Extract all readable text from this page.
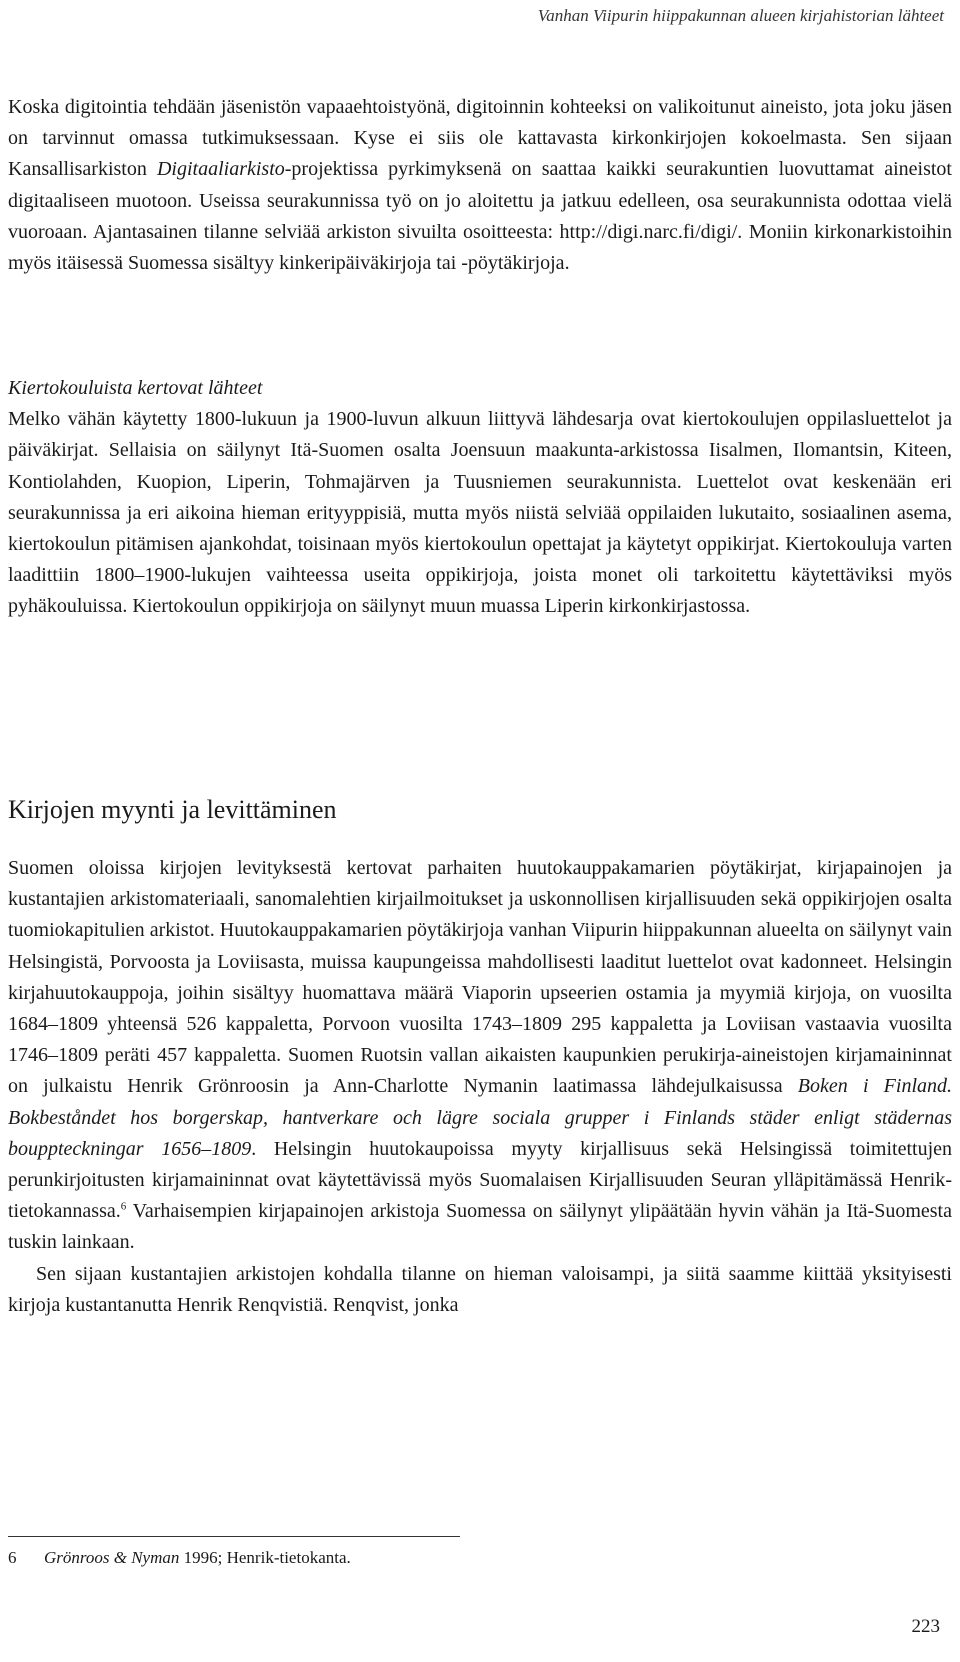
Vanhan Viipurin hiippakunnan alueen kirjahistorian lähteet

Koska digitointia tehdään jäsenistön vapaaehtoistyönä, digitoinnin kohteeksi on valikoitunut aineisto, jota joku jäsen on tarvinnut omassa tutkimuksessaan. Kyse ei siis ole kattavasta kirkonkirjojen kokoelmasta. Sen sijaan Kansallisarkiston Digitaaliarkisto-projektissa pyrkimyksenä on saattaa kaikki seurakuntien luovuttamat aineistot digitaaliseen muotoon. Useissa seurakunnissa työ on jo aloitettu ja jatkuu edelleen, osa seurakunnista odottaa vielä vuoroaan. Ajantasainen tilanne selviää arkiston sivuilta osoitteesta: http://digi.narc.fi/digi/. Moniin kirkonarkistoihin myös itäisessä Suomessa sisältyy kinkeripäiväkirjoja tai -pöytäkirjoja.

Kiertokouluista kertovat lähteet

Melko vähän käytetty 1800-lukuun ja 1900-luvun alkuun liittyvä lähdesarja ovat kiertokoulujen oppilasluettelot ja päiväkirjat. Sellaisia on säilynyt Itä-Suomen osalta Joensuun maakunta-arkistossa Iisalmen, Ilomantsin, Kiteen, Kontiolahden, Kuopion, Liperin, Tohmajärven ja Tuusniemen seurakunnista. Luettelot ovat keskenään eri seurakunnissa ja eri aikoina hieman erityyppisiä, mutta myös niistä selviää oppilaiden lukutaito, sosiaalinen asema, kiertokoulun pitämisen ajankohdat, toisinaan myös kiertokoulun opettajat ja käytetyt oppikirjat. Kiertokouluja varten laadittiin 1800–1900-lukujen vaihteessa useita oppikirjoja, joista monet oli tarkoitettu käytettäviksi myös pyhäkouluissa. Kiertokoulun oppikirjoja on säilynyt muun muassa Liperin kirkonkirjastossa.

Kirjojen myynti ja levittäminen

Suomen oloissa kirjojen levityksestä kertovat parhaiten huutokauppakamarien pöytäkirjat, kirjapainojen ja kustantajien arkistomateriaali, sanomalehtien kirjailmoitukset ja uskonnollisen kirjallisuuden sekä oppikirjojen osalta tuomiokapitulien arkistot. Huutokauppakamarien pöytäkirjoja vanhan Viipurin hiippakunnan alueelta on säilynyt vain Helsingistä, Porvoosta ja Loviisasta, muissa kaupungeissa mahdollisesti laaditut luettelot ovat kadonneet. Helsingin kirjahuutokauppoja, joihin sisältyy huomattava määrä Viaporin upseerien ostamia ja myymiä kirjoja, on vuosilta 1684–1809 yhteensä 526 kappaletta, Porvoon vuosilta 1743–1809 295 kappaletta ja Loviisan vastaavia vuosilta 1746–1809 peräti 457 kappaletta. Suomen Ruotsin vallan aikaisten kaupunkien perukirja-aineistojen kirjamaininnat on julkaistu Henrik Grönroosin ja Ann-Charlotte Nymanin laatimassa lähdejulkaisussa Boken i Finland. Bokbeståndet hos borgerskap, hantverkare och lägre sociala grupper i Finlands städer enligt städernas bouppteckningar 1656–1809. Helsingin huutokaupoissa myyty kirjallisuus sekä Helsingissä toimitettujen perunkirjoitusten kirjamaininnat ovat käytettävissä myös Suomalaisen Kirjallisuuden Seuran ylläpitämässä Henrik-tietokannassa.$^6$ Varhaisempien kirjapainojen arkistoja Suomessa on säilynyt ylipäätään hyvin vähän ja Itä-Suomesta tuskin lainkaan.

Sen sijaan kustantajien arkistojen kohdalla tilanne on hieman valoisampi, ja siitä saamme kiittää yksityisesti kirjoja kustantanutta Henrik Renqvistiä. Renqvist, jonka

6 Grönroos & Nyman 1996; Henrik-tietokanta.
223
